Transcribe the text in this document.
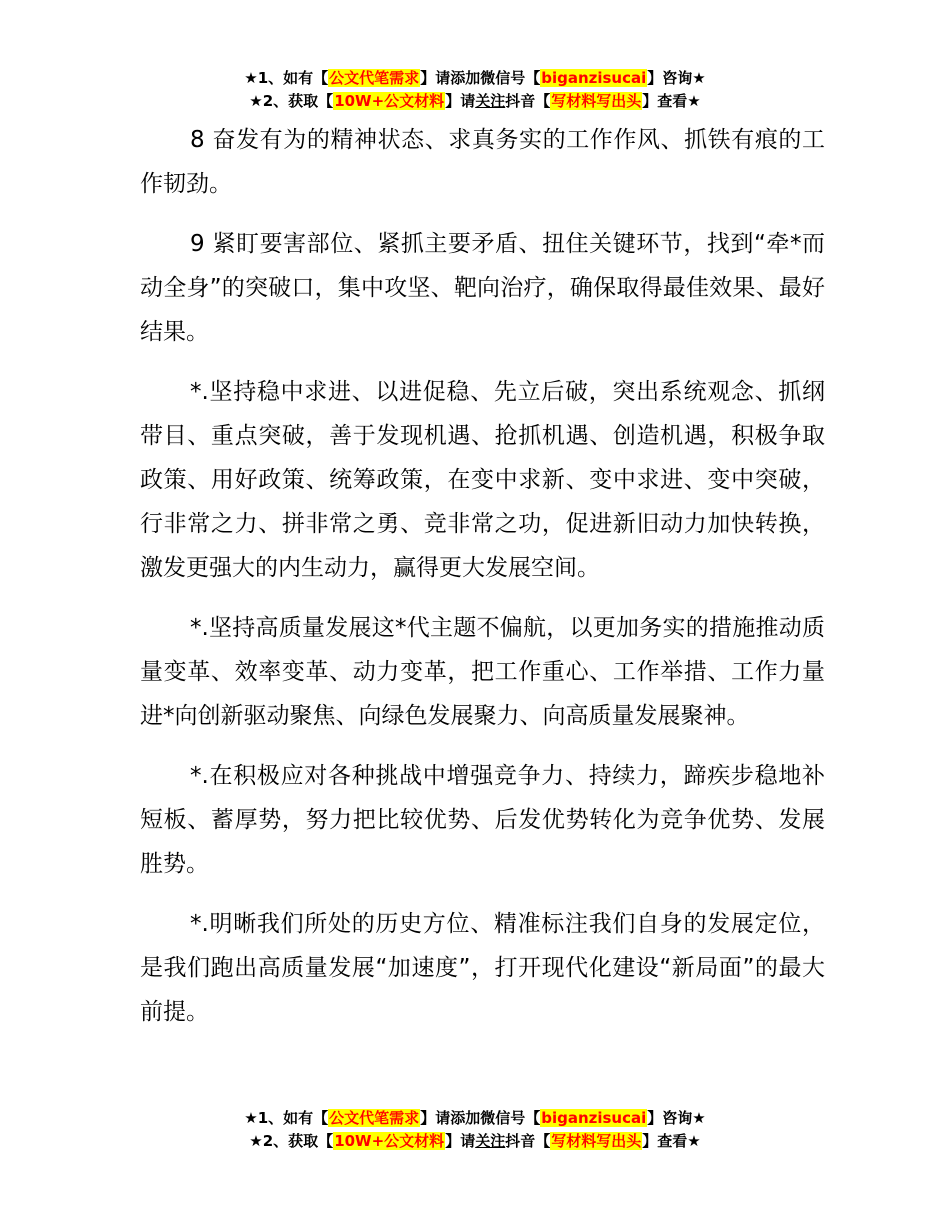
★1、如有【公文代笔需求】请添加微信号【biganzisucai】咨询★
★2、获取【10W+公文材料】请关注抖音【写材料写出头】查看★

8 奋发有为的精神状态、求真务实的工作作风、抓铁有痕的工作韧劲。

9 紧盯要害部位、紧抓主要矛盾、扭住关键环节，找到“牵*而动全身”的突破口，集中攻坚、靶向治疗，确保取得最佳效果、最好结果。

*.坚持稳中求进、以进促稳、先立后破，突出系统观念、抓纲带目、重点突破，善于发现机遇、抢抓机遇、创造机遇，积极争取政策、用好政策、统筹政策，在变中求新、变中求进、变中突破，行非常之力、拼非常之勇、竞非常之功，促进新旧动力加快转换，激发更强大的内生动力，赢得更大发展空间。

*.坚持高质量发展这*代主题不偏航，以更加务实的措施推动质量变革、效率变革、动力变革，把工作重心、工作举措、工作力量进*向创新驱动聚焦、向绿色发展聚力、向高质量发展聚神。

*.在积极应对各种挑战中增强竞争力、持续力，蹄疾步稳地补短板、蓄厚势，努力把比较优势、后发优势转化为竞争优势、发展胜势。

*.明晰我们所处的历史方位、精准标注我们自身的发展定位，是我们跑出高质量发展“加速度”，打开现代化建设“新局面”的最大前提。

★1、如有【公文代笔需求】请添加微信号【biganzisucai】咨询★
★2、获取【10W+公文材料】请关注抖音【写材料写出头】查看★
